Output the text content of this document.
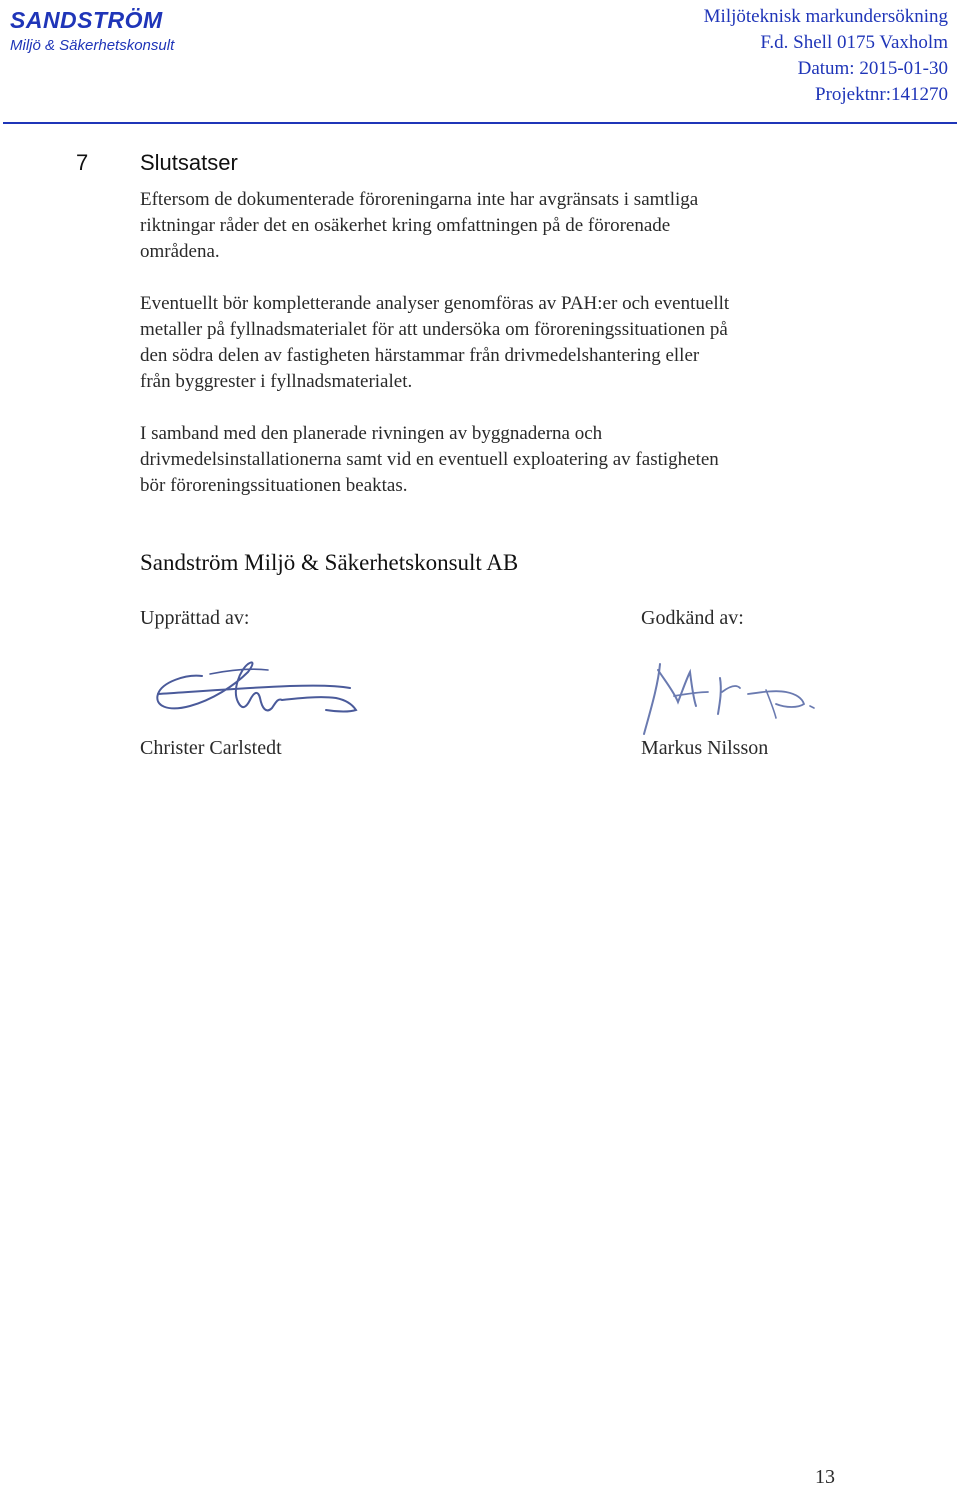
SANDSTRÖM
Miljö & Säkerhetskonsult
Miljöteknisk markundersökning
F.d. Shell 0175 Vaxholm
Datum: 2015-01-30
Projektnr:141270
7 Slutsatser
Eftersom de dokumenterade föroreningarna inte har avgränsats i samtliga
riktningar råder det en osäkerhet kring omfattningen på de förorenade
områdena.
Eventuellt bör kompletterande analyser genomföras av PAH:er och eventuellt
metaller på fyllnadsmaterialet för att undersöka om föroreningssituationen på
den södra delen av fastigheten härstammar från drivmedelshantering eller
från byggrester i fyllnadsmaterialet.
I samband med den planerade rivningen av byggnaderna och
drivmedelsinstallationerna samt vid en eventuell exploatering av fastigheten
bör föroreningssituationen beaktas.
Sandström Miljö & Säkerhetskonsult AB
Upprättad av:	Godkänd av:
Christer Carlstedt	Markus Nilsson
13
